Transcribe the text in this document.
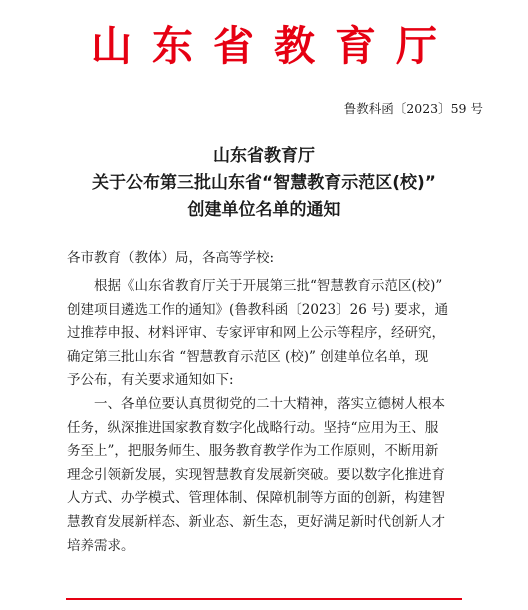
山东省教育厅
鲁教科函〔2023〕59 号
山东省教育厅
关于公布第三批山东省“智慧教育示范区(校)”
创建单位名单的通知
各市教育（教体）局，各高等学校:
根据《山东省教育厅关于开展第三批“智慧教育示范区(校)”
创建项目遴选工作的通知》(鲁教科函〔2023〕26 号) 要求，通
过推荐申报、材料评审、专家评审和网上公示等程序，经研究，
确定第三批山东省 “智慧教育示范区 (校)” 创建单位名单，现
予公布，有关要求通知如下:
一、各单位要认真贯彻党的二十大精神，落实立德树人根本
任务，纵深推进国家教育数字化战略行动。坚持“应用为王、服
务至上”，把服务师生、服务教育教学作为工作原则，不断用新
理念引领新发展，实现智慧教育发展新突破。要以数字化推进育
人方式、办学模式、管理体制、保障机制等方面的创新，构建智
慧教育发展新样态、新业态、新生态，更好满足新时代创新人才
培养需求。
